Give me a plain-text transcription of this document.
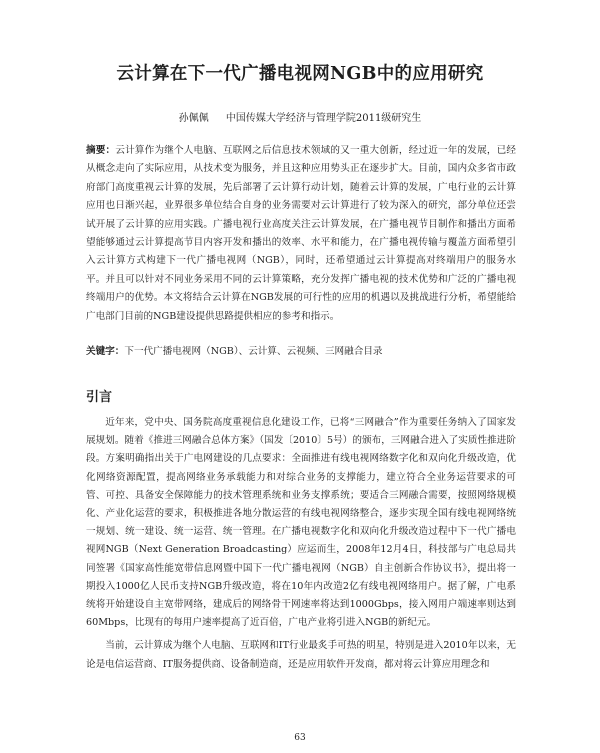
云计算在下一代广播电视网NGB中的应用研究
孙佩佩 中国传媒大学经济与管理学院2011级研究生

摘要：云计算作为继个人电脑、互联网之后信息技术领域的又一重大创新，经过近一年的发展，已经从概念走向了实际应用，从技术变为服务，并且这种应用势头正在逐步扩大。目前，国内众多省市政府部门高度重视云计算的发展，先后部署了云计算行动计划，随着云计算的发展，广电行业的云计算应用也日渐兴起，业界很多单位结合自身的业务需要对云计算进行了较为深入的研究，部分单位还尝试开展了云计算的应用实践。广播电视行业高度关注云计算发展，在广播电视节目制作和播出方面希望能够通过云计算提高节目内容开发和播出的效率、水平和能力，在广播电视传输与覆盖方面希望引入云计算方式构建下一代广播电视网（NGB），同时，还希望通过云计算提高对终端用户的服务水平。并且可以针对不同业务采用不同的云计算策略，充分发挥广播电视的技术优势和广泛的广播电视终端用户的优势。本文将结合云计算在NGB发展的可行性的应用的机遇以及挑战进行分析，希望能给广电部门目前的NGB建设提供思路提供相应的参考和指示。

关键字：下一代广播电视网（NGB）、云计算、云视频、三网融合目录

引言

近年来，党中央、国务院高度重视信息化建设工作，已将“三网融合”作为重要任务纳入了国家发展规划。随着《推进三网融合总体方案》（国发〔2010〕5号）的颁布，三网融合进入了实质性推进阶段。方案明确指出关于广电网建设的几点要求：全面推进有线电视网络数字化和双向化升级改造，优化网络资源配置，提高网络业务承载能力和对综合业务的支撑能力，建立符合全业务运营要求的可管、可控、具备安全保障能力的技术管理系统和业务支撑系统；要适合三网融合需要，按照网络规模化、产业化运营的要求，积极推进各地分散运营的有线电视网络整合，逐步实现全国有线电视网络统一规划、统一建设、统一运营、统一管理。在广播电视数字化和双向化升级改造过程中下一代广播电视网NGB（Next Generation Broadcasting）应运而生，2008年12月4日，科技部与广电总局共同签署《国家高性能宽带信息网暨中国下一代广播电视网（NGB）自主创新合作协议书》，提出将一期投入1000亿人民币支持NGB升级改造，将在10年内改造2亿有线电视网络用户。据了解，广电系统将开始建设自主宽带网络，建成后的网络骨干网速率将达到1000Gbps，接入网用户端速率则达到60Mbps，比现有的每用户速率提高了近百倍，广电产业将引进入NGB的新纪元。

当前，云计算成为继个人电脑、互联网和IT行业最炙手可热的明星，特别是进入2010年以来，无论是电信运营商、IT服务提供商、设备制造商，还是应用软件开发商，都对将云计算应用理念和

63
